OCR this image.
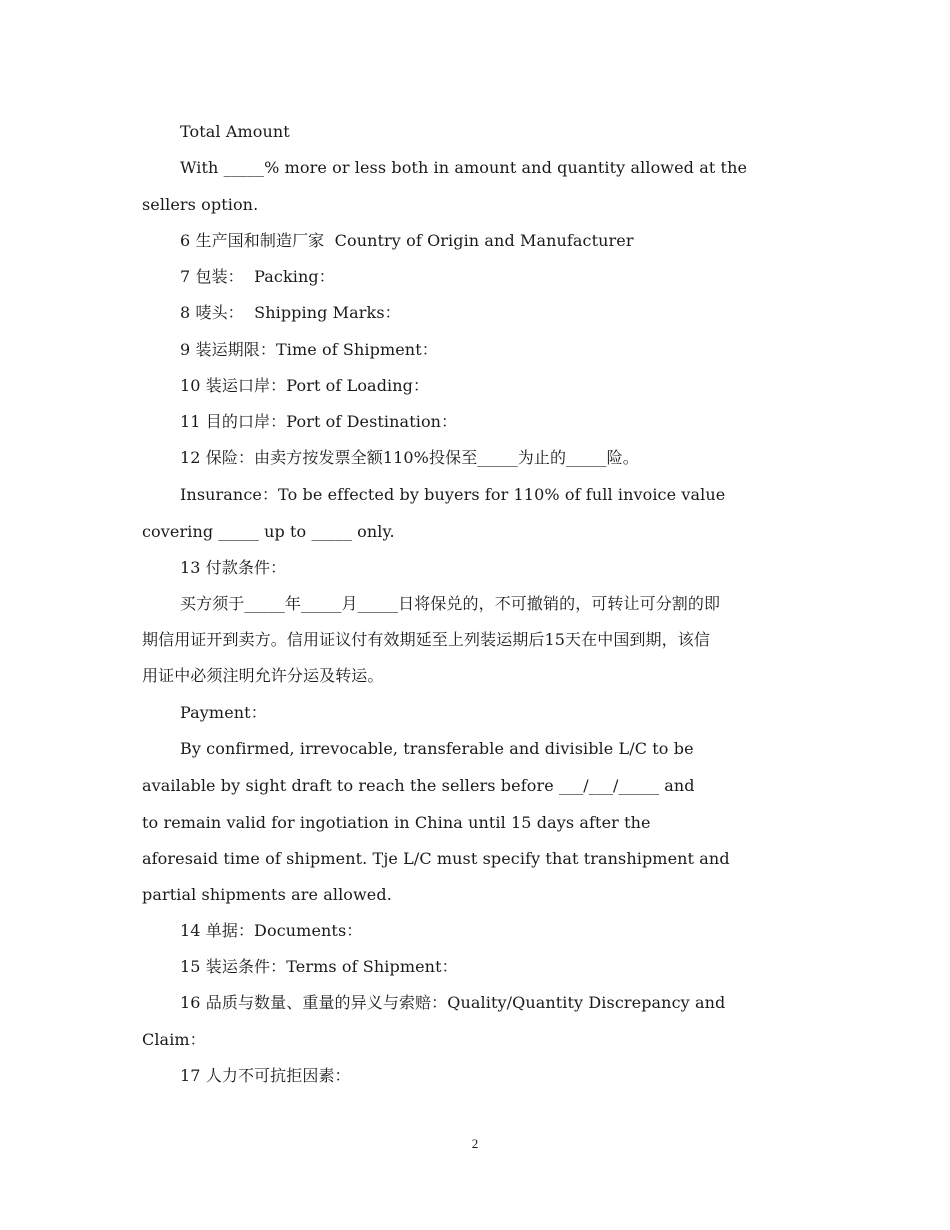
Total Amount
With _____% more or less both in amount and quantity allowed at the
sellers option.
6 生产国和制造厂家  Country of Origin and Manufacturer
7 包装：  Packing：
8 唛头：  Shipping Marks：
9 装运期限：Time of Shipment：
10 装运口岸：Port of Loading：
11 目的口岸：Port of Destination：
12 保险：由卖方按发票全额110%投保至_____为止的_____险。
Insurance：To be effected by buyers for 110% of full invoice value
covering _____ up to _____ only.
13 付款条件：
买方须于_____年_____月_____日将保兑的，不可撤销的，可转让可分割的即
期信用证开到卖方。信用证议付有效期延至上列装运期后15天在中国到期，该信
用证中必须注明允许分运及转运。
Payment：
By confirmed, irrevocable, transferable and divisible L/C to be
available by sight draft to reach the sellers before ___/___/_____ and
to remain valid for ingotiation in China until 15 days after the
aforesaid time of shipment. Tje L/C must specify that transhipment and
partial shipments are allowed.
14 单据：Documents：
15 装运条件：Terms of Shipment：
16 品质与数量、重量的异义与索赔：Quality/Quantity Discrepancy and
Claim：
17 人力不可抗拒因素：
2
